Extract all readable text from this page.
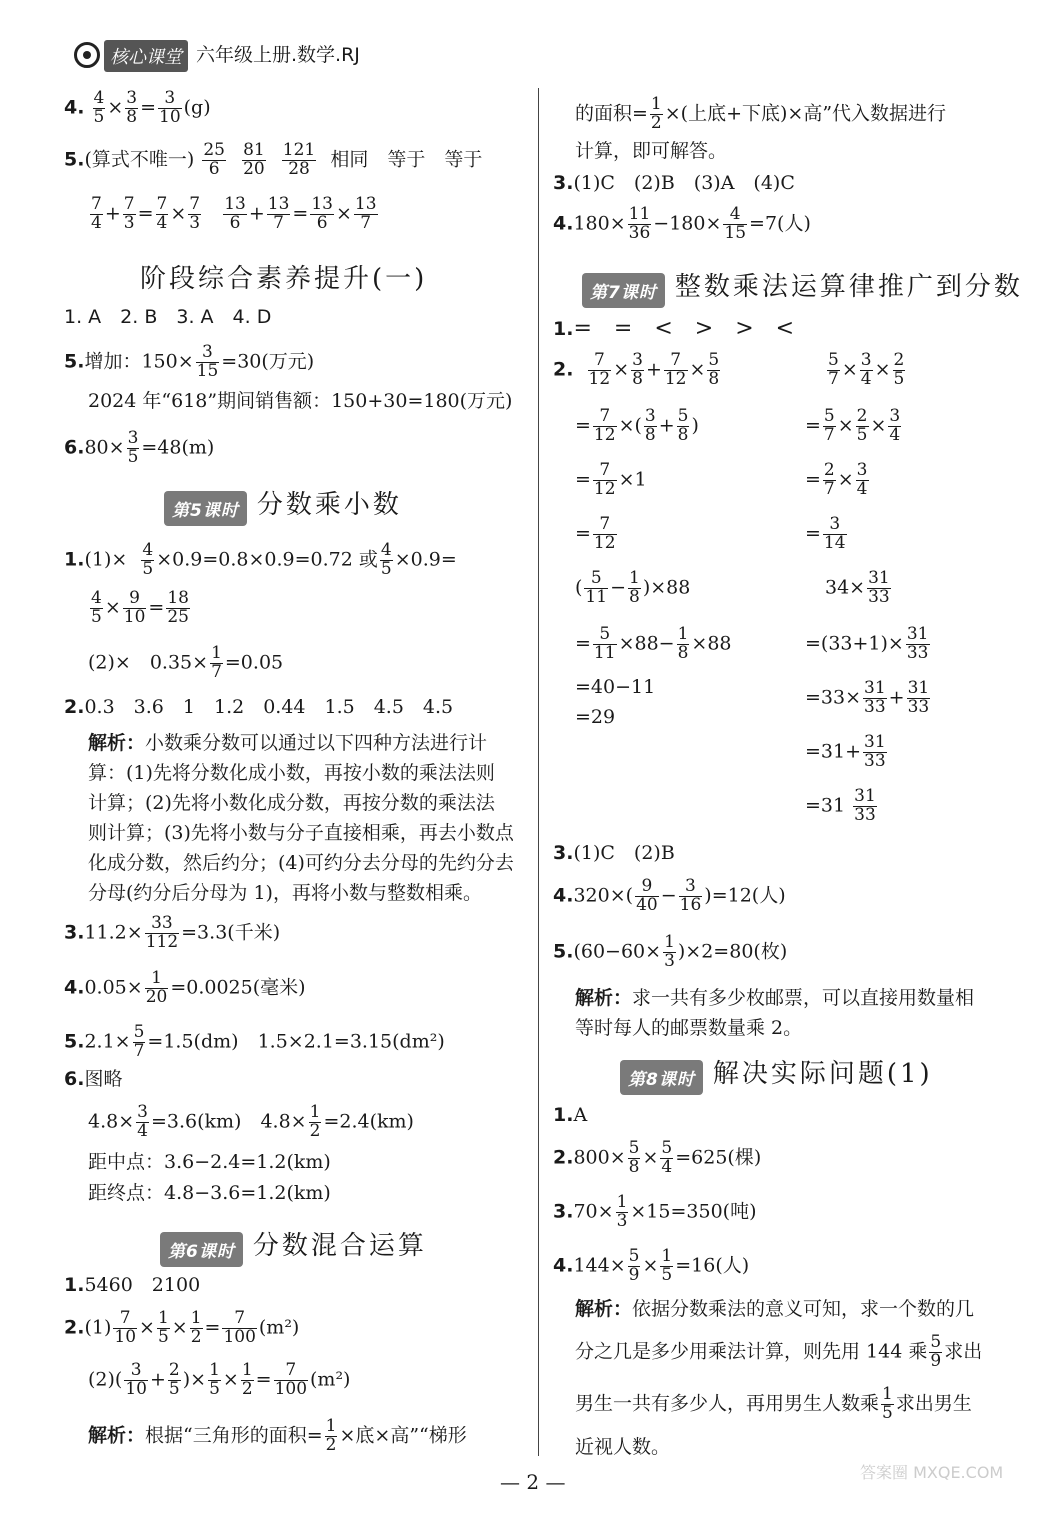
核心课堂 六年级上册.数学.RJ
4. $\frac{4}{5} \times \frac{3}{8} = \frac{3}{10} (g)$
5.(算式不唯一) $\frac{25}{6}$
$\frac{81}{20}$
$\frac{121}{28}$ 相同　等于　等于
$\frac{7}{4} + \frac{7}{3} = \frac{7}{4} \times \frac{7}{3}$
$\frac{13}{6} + \frac{13}{7} = \frac{13}{6} \times \frac{13}{7}$
阶段综合素养提升(一)
1. A　2. B　3. A　4. D
5.增加：$150\times \frac{3}{15} =30$(万元)
2024 年“618”期间销售额：150+30=180(万元)
$6.80\times \frac{3}{5} =48(m)$
第5课时 分数乘小数
$1.(1)\times \frac{4}{5} \times 0.9=0.8\times 0.9=0.72$ 或 $\frac{4}{5} \times 0.9=$
$\frac{4}{5} \times \frac{9}{10} = \frac{18}{25}$
(2)×　$0.35\times \frac{1}{7} =0.05$
2.0.3　3.6　1　1.2　0.44　1.5　4.5　4.5
解析：小数乘分数可以通过以下四种方法进行计
算：(1)先将分数化成小数，再按小数的乘法法则
计算；(2)先将小数化成分数，再按分数的乘法法
则计算；(3)先将小数与分子直接相乘，再去小数点
化成分数，然后约分；(4)可约分去分母的先约分去
分母(约分后分母为 1)，再将小数与整数相乘。
$3.11.2\times \frac{33}{112} =3.3$(千米)
$4.0.05\times \frac{1}{20} =0.0025$(毫米)
$5.2.1\times \frac{5}{7} =1.5(dm)$　1.5×2.1=3.15(dm²)
6.图略
$4.8\times \frac{3}{4} =3.6(km)$　$4.8\times \frac{1}{2} =2.4(km)$
距中点：3.6−2.4=1.2(km)
距终点：4.8−3.6=1.2(km)
第6课时 分数混合运算
1.5460　2100
$2.(1) \frac{7}{10} \times \frac{1}{5} \times \frac{1}{2} = \frac{7}{100} (m^2)$
$(2)( \frac{3}{10} + \frac{2}{5}$ )× $\frac{1}{5} \times \frac{1}{2} = \frac{7}{100} (m^2)$
解析：根据“三角形的面积= $\frac{1}{2}$ ×底×高”“梯形
的面积= $\frac{1}{2}$ ×(上底+下底)×高”代入数据进行
计算，即可解答。
3.(1)C　(2)B　(3)A　(4)C
$4.180\times \frac{11}{36} -180\times \frac{4}{15} =7$(人)
第7课时 整数乘法运算律推广到分数
1.=　=　<　>　>　<
2. $\frac{7}{12} \times \frac{3}{8} + \frac{7}{12} \times \frac{5}{8}$
= $\frac{7}{12}$ ×( $\frac{3}{8} + \frac{5}{8}$ )
= $\frac{7}{12} \times 1$
= $\frac{7}{12}$
( $\frac{5}{11} - \frac{1}{8} )\times 88$
= $\frac{5}{11} \times 88- \frac{1}{8} \times 88$
=40−11
=29
$\frac{5}{7} \times \frac{3}{4} \times \frac{2}{5}$
= $\frac{5}{7} \times \frac{2}{5} \times \frac{3}{4}$
= $\frac{2}{7} \times \frac{3}{4}$
= $\frac{3}{14}$
$34\times \frac{31}{33}$
$=(33+1)\times \frac{31}{33}$
$=33\times \frac{31}{33} + \frac{31}{33}$
$=31+ \frac{31}{33}$
$=31 \frac{31}{33}$
3.(1)C　(2)B
$4.320\times( \frac{9}{40} - \frac{3}{16} )=12$(人)
$5.(60-60\times \frac{1}{3} )\times 2=80$(枚)
解析：求一共有多少枚邮票，可以直接用数量相
等时每人的邮票数量乘 2。
第8课时 解决实际问题(1)
1.A
$2.800\times \frac{5}{8} \times \frac{5}{4} =625$(棵)
$3.70\times \frac{1}{3} \times 15=350$(吨)
$4.144\times \frac{5}{9} \times \frac{1}{5} =16$(人)
解析：依据分数乘法的意义可知，求一个数的几
分之几是多少用乘法计算，则先用 144 乘 $\frac{5}{9}$ 求出
男生一共有多少人，再用男生人数乘 $\frac{1}{5}$ 求出男生
近视人数。
— 2 —	答案圈 MXQE.COM
